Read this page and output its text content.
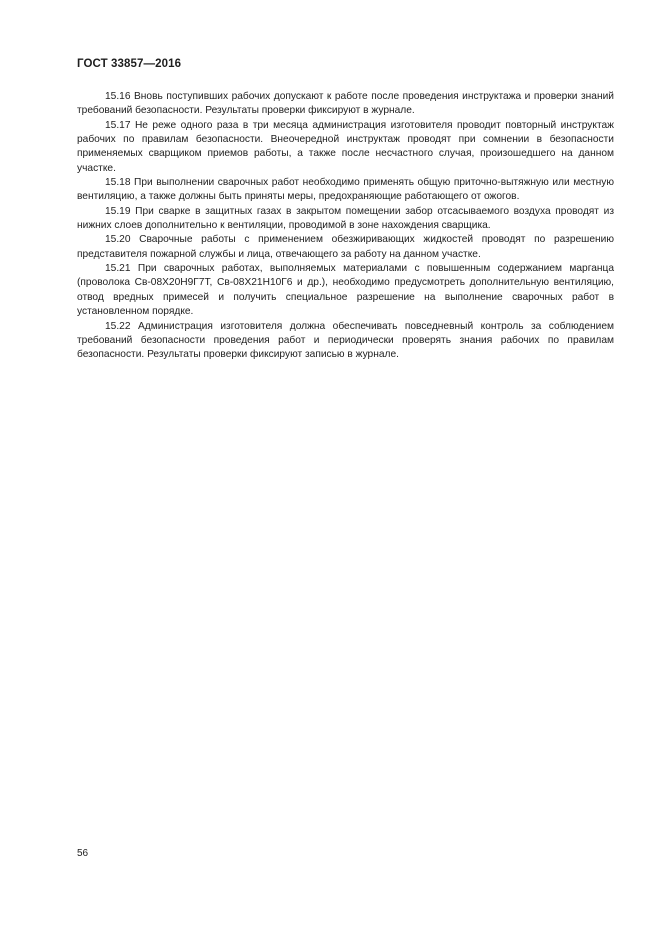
ГОСТ 33857—2016

15.16 Вновь поступивших рабочих допускают к работе после проведения инструктажа и проверки знаний требований безопасности. Результаты проверки фиксируют в журнале.

15.17 Не реже одного раза в три месяца администрация изготовителя проводит повторный инструктаж рабочих по правилам безопасности. Внеочередной инструктаж проводят при сомнении в безопасности применяемых сварщиком приемов работы, а также после несчастного случая, произошедшего на данном участке.

15.18 При выполнении сварочных работ необходимо применять общую приточно-вытяжную или местную вентиляцию, а также должны быть приняты меры, предохраняющие работающего от ожогов.

15.19 При сварке в защитных газах в закрытом помещении забор отсасываемого воздуха проводят из нижних слоев дополнительно к вентиляции, проводимой в зоне нахождения сварщика.

15.20 Сварочные работы с применением обезжиривающих жидкостей проводят по разрешению представителя пожарной службы и лица, отвечающего за работу на данном участке.

15.21 При сварочных работах, выполняемых материалами с повышенным содержанием марганца (проволока Св-08Х20Н9Г7Т, Св-08Х21Н10Г6 и др.), необходимо предусмотреть дополнительную вентиляцию, отвод вредных примесей и получить специальное разрешение на выполнение сварочных работ в установленном порядке.

15.22 Администрация изготовителя должна обеспечивать повседневный контроль за соблюдением требований безопасности проведения работ и периодически проверять знания рабочих по правилам безопасности. Результаты проверки фиксируют записью в журнале.

56
